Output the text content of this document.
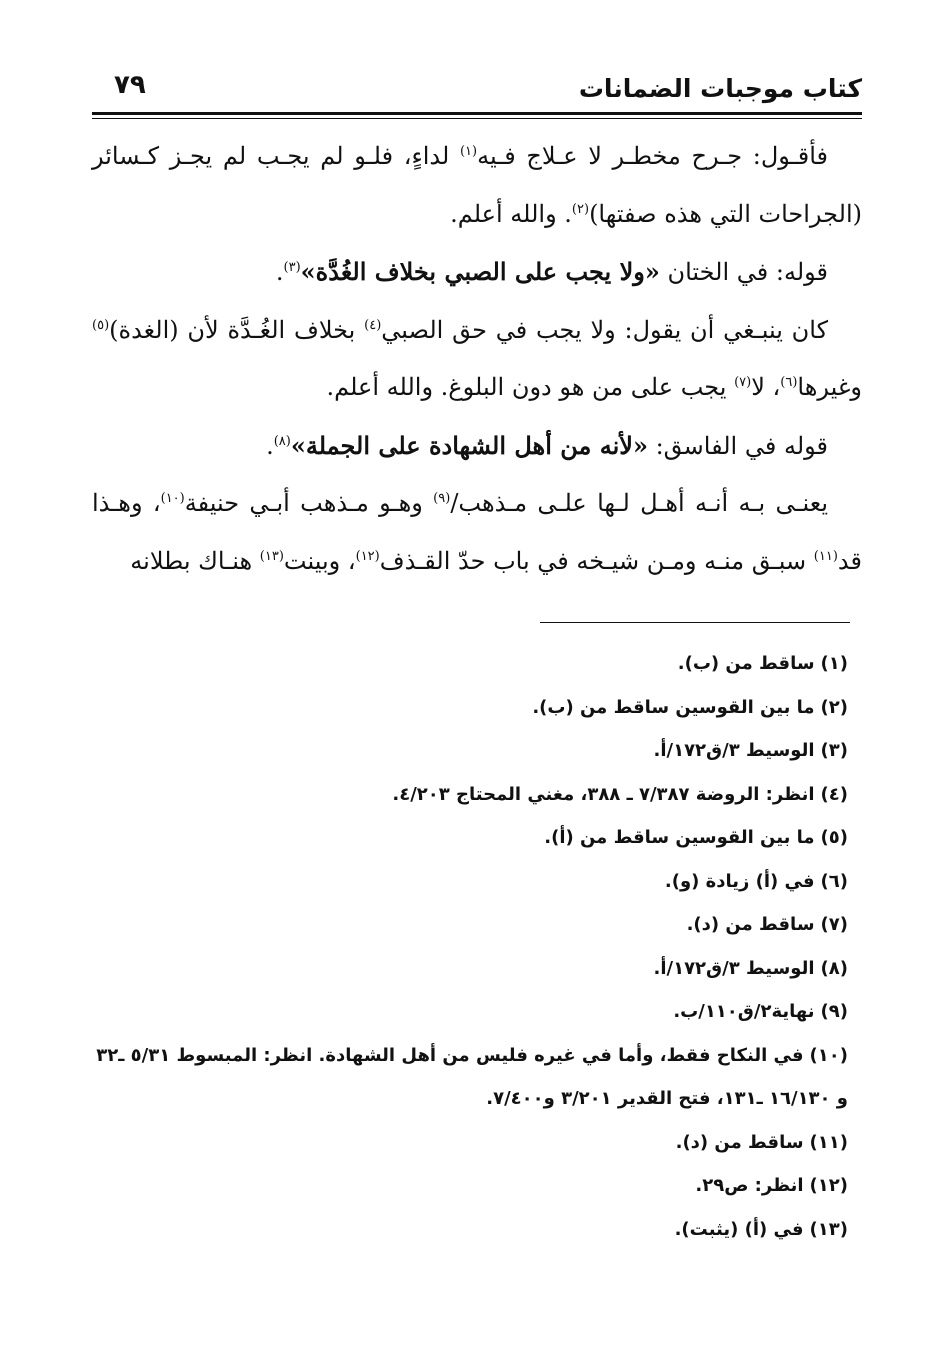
٧٩	كتاب موجبات الضمانات

فأقـول: جـرح مخطـر لا عـلاج فـيه$^{(١)}$ لداءٍ، فلـو لم يجـب لم يجـز كـسائر (الجراحات التي هذه صفتها)$^{(٢)}$. والله أعلم.

قوله: في الختان «ولا يجب على الصبي بخلاف الغُدَّة»$^{(٣)}$.

كان ينبـغي أن يقول: ولا يجب في حق الصبي$^{(٤)}$ بخلاف الغُـدَّة لأن (الغدة)$^{(٥)}$ وغيرها$^{(٦)}$، لا$^{(٧)}$ يجب على من هو دون البلوغ. والله أعلم.

قوله في الفاسق: «لأنه من أهل الشهادة على الجملة»$^{(٨)}$.

يعنـى بـه أنـه أهـل لـها علـى مـذهب/$^{(٩)}$ وهـو مـذهب أبـي حنيفة$^{(١٠)}$، وهـذا قد$^{(١١)}$ سبـق منـه ومـن شيـخه في باب حدّ القـذف$^{(١٢)}$، وبينت$^{(١٣)}$ هنـاك بطلانه

(١)ساقط من (ب).

(٢)ما بين القوسين ساقط من (ب).

(٣)الوسيط ٣/ق١٧٢/أ.

(٤)انظر: الروضة ٧/٣٨٧ ـ ٣٨٨، مغني المحتاج ٤/٢٠٣.

(٥)ما بين القوسين ساقط من (أ).

(٦)في (أ) زيادة (و).

(٧)ساقط من (د).

(٨)الوسيط ٣/ق١٧٢/أ.

(٩)نهاية٢/ق١١٠/ب.

(١٠)في النكاح فقط، وأما في غيره فليس من أهل الشهادة. انظر: المبسوط ٥/٣١ ـ٣٢ و ١٦/١٣٠ ـ١٣١، فتح القدير ٣/٢٠١ و٧/٤٠٠.

(١١)ساقط من (د).

(١٢)انظر: ص٢٩.

(١٣)في (أ) (يثبت).
